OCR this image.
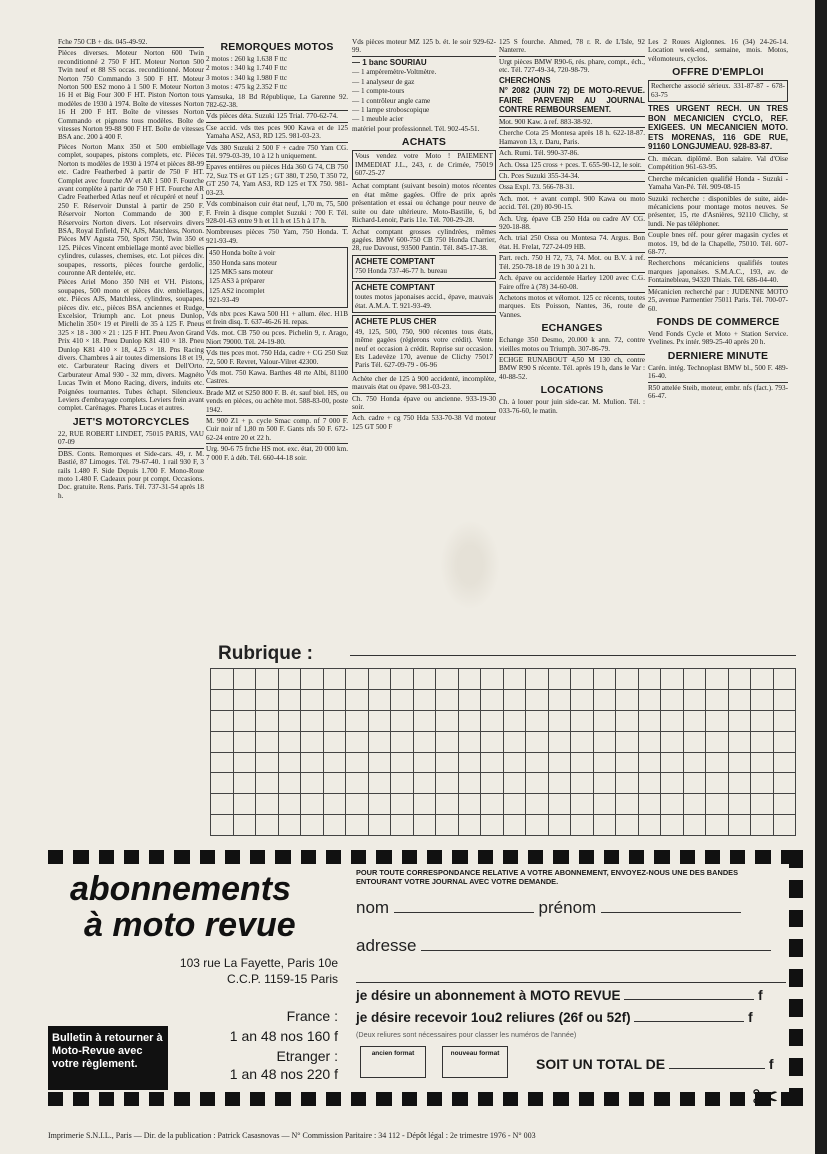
Fche 750 CB + dis. 045-49-92.

Pièces diverses. Moteur Norton 600 Twin reconditionné 2 750 F HT. Moteur Norton 500 Twin neuf et 88 SS occas. reconditionné. Moteur Norton 750 Commando 3 500 F HT. Moteur Norton 500 ES2 mono à 1 500 F. Moteur Norton 16 H et Big Four 300 F HT. Piston Norton tous modèles de 1930 à 1974. Boîte de vitesses Norton 16 H 200 F HT. Boîte de vitesses Norton Commando et pignons tous modèles. Boîte de vitesses Norton 99-88 900 F HT. Boîte de vitesses BSA anc. 200 à 400 F.

Pièces Norton Manx 350 et 500 embiellage complet, soupapes, pistons complets, etc. Pièces Norton ts modèles de 1930 à 1974 et pièces 88-99 etc. Cadre Featherbed à partir de 750 F HT. Complet avec fourche AV et AR 1 500 F. Fourche avant complète à partir de 750 F HT. Fourche AR Cadre Featherbed Atlas neuf et récupéré et neuf 1 250 F. Réservoir Dunstal à partir de 250 F. Réservoir Norton Commando de 300 F. Réservoirs Norton divers. Lot réservoirs divers BSA, Royal Enfield, FN, AJS, Matchless, Norton. Pièces MV Agusta 750, Sport 750, Twin 350 et 125. Pièces Vincent embiellage monté avec bielles cylindres, culasses, chemises, etc. Lot pièces div. soupapes, ressorts, pièces fourche gerdolic, couronne AR dentelée, etc.

Pièces Ariel Mono 350 NH et VH. Pistons, soupapes, 500 mono et pièces div. embiellages, etc. Pièces AJS, Matchless, cylindres, soupapes, pièces div. etc., pièces BSA anciennes et Rudge, Excelsior, Triumph anc. Lot pneus Dunlop, Michelin 350× 19 et Pirelli de 35 à 125 F. Pneus 325 × 18 - 300 × 21 : 125 F HT. Pneu Avon Grand Prix 410 × 18. Pneu Dunlop K81 410 × 18. Pneu Dunlop K81 410 × 18, 4.25 × 18. Pns Racing divers. Chambres à air toutes dimensions 18 et 19, etc. Carburateur Racing divers et Dell'Orto. Carburateur Amal 930 - 32 mm, divers. Magnéto Lucas Twin et Mono Racing, divers, induits etc. Poignées tournantes. Tubes échapt. Silencieux. Leviers d'embrayage complets. Leviers frein avant complet. Carénages. Phares Lucas et autres.

JET'S MOTORCYCLES

22, RUE ROBERT LINDET, 75015 PARIS, VAU 07-09

DBS. Conts. Remorques et Side-cars. 49, r. M. Bastié, 87 Limoges. Tél. 79-67-40. 1 rail 930 F, 3 rails 1.480 F. Side Depuis 1.700 F. Mono-Roue moto 1.480 F. Cadeaux pour pt compt. Occasions. Doc. gratuite. Rens. Paris. Tél. 737-31-54 après 18 h.

REMORQUES MOTOS

2 motos : 260 kg 1.638 F ttc

2 motos : 340 kg 1.740 F ttc

3 motos : 340 kg 1.980 F ttc

3 motos : 475 kg 2.352 F ttc

Yamsuka, 18 Bd République, La Garenne 92. 782-62-38.

Vds pièces déta. Suzuki 125 Trial. 770-62-74.

Cse accid. vds ttes pces 900 Kawa et de 125 Yamaha AS2, AS3, RD 125. 981-03-23.

Vds 380 Suzuki 2 500 F + cadre 750 Yam CG. Tél. 979-03-39, 10 à 12 h uniquement.

Epaves entières ou pièces Hda 360 G 74, CB 750 72, Suz TS et GT 125 ; GT 380, T 250, T 350 72, GT 250 74, Yam AS3, RD 125 et TX 750. 981-03-23.

Vds combinaison cuir état neuf, 1,70 m, 75, 500 F. Frein à disque complet Suzuki : 700 F. Tél. 928-01-63 entre 9 h et 11 h et 15 h à 17 h.

Nombreuses pièces 750 Yam, 750 Honda. T. 921-93-49.

450 Honda boîte à voir

350 Honda sans moteur

125 MK5 sans moteur

125 AS3 à préparer

125 AS2 incomplet

921-93-49

Vds nbx pces Kawa 500 H1 + allum. élec. H1B et frein disq. T. 637-46-26 H. repas.

Vds. mot. CB 750 ou pces. Pichelin 9, r. Arago, Niort 79000. Tél. 24-19-80.

Vds ttes pces mot. 750 Hda, cadre + CG 250 Suz 72, 500 F. Revret, Valour-Vilret 42300.

Vds mot. 750 Kawa. Barthes 48 rte Albi, 81100 Castres.

Brade MZ et S250 800 F. B. ét. sauf biel. HS, ou vends en pièces, ou achète mot. 588-83-00, poste 1942.

M. 900 Z1 + p. cycle Smac comp. nf 7 000 F. Cuir noir nf 1,80 m 500 F. Gants nfs 50 F. 672-62-24 entre 20 et 22 h.

Urg. 90-6 75 frche HS mot. exc. état, 20 000 km. 7 000 F. à déb. Tél. 660-44-18 soir.

Vds pièces moteur MZ 125 b. ét. le soir 929-62-99.

— 1 banc SOURIAU

— 1 ampèremètre-Voltmètre.

— 1 analyseur de gaz

— 1 compte-tours

— 1 contrôleur angle came

— 1 lampe stroboscopique

— 1 meuble acier

matériel pour professionnel. Tél. 902-45-51.

ACHATS

Vous vendez votre Moto ! PAIEMENT IMMEDIAT J.L., 243, r. de Crimée, 75019 607-25-27

Achat comptant (suivant besoin) motos récentes en état même gagées. Offre de prix après présentation et essai ou échange pour neuve de suite ou date ultérieure. Moto-Bastille, 6, bd Richard-Lenoir, Paris 11e. Tél. 700-29-28.

Achat comptant grosses cylindrées, mêmes gagées. BMW 600-750 CB 750 Honda Charrier, 28, rue Davoust, 93500 Pantin. Tél. 845-17-38.

ACHETE COMPTANT

750 Honda 737-46-77 h. bureau

ACHETE COMPTANT

toutes motos japonaises accid., épave, mauvais état. A.M.A. T. 921-93-49.

ACHETE PLUS CHER

49, 125, 500, 750, 900 récentes tous états, même gagées (réglerons votre crédit). Vente neuf et occasion à crédit. Reprise sur occasion. Ets Ladevèze 170, avenue de Clichy 75017 Paris Tél. 627-09-79 - 06-96

Achète cher de 125 à 900 accidenté, incomplète, mauvais état ou épave. 981-03-23.

Ch. 750 Honda épave ou ancienne. 933-19-30 soir.

Ach. cadre + cg 750 Hda 533-70-38 Vd moteur 125 GT 500 F

125 S fourche. Ahmed, 78 r. R. de L'Isle, 92 Nanterre.

Urgt pièces BMW R90-6, rés. phare, compt., éch., etc. Tél. 727-49-34, 720-98-79.

CHERCHONS

N° 2082 (JUIN 72) DE MOTO-REVUE. FAIRE PARVENIR AU JOURNAL CONTRE REMBOURSEMENT.

Mot. 900 Kaw. à ref. 883-38-92.

Cherche Cota 25 Montesa après 18 h. 622-18-87. Hamavon 13, r. Daru, Paris.

Ach. Rumi. Tél. 990-37-86.

Ach. Ossa 125 cross + pces. T. 655-90-12, le soir.

Ch. Pces Suzuki 355-34-34.

Ossa Expl. 73. 566-78-31.

Ach. mot. + avant compl. 900 Kawa ou moto accid. Tél. (20) 80-90-15.

Ach. Urg. épave CB 250 Hda ou cadre AV CG. 920-18-88.

Ach. trial 250 Ossa ou Montesa 74. Argus. Bon état. H. Frelat, 727-24-09 HB.

Part. rech. 750 H 72, 73, 74. Mot. ou B.V. à ref. Tél. 250-78-18 de 19 h 30 à 21 h.

Ach. épave ou accidentée Harley 1200 avec C.G. Faire offre à (78) 34-60-08.

Achetons motos et vélomot. 125 cc récents, toutes marques. Ets Poisson, Nantes, 36, route de Vannes.

ECHANGES

Echange 350 Desmo, 20.000 k ann. 72, contre vieilles motos ou Triumph. 307-86-79.

ECHGE RUNABOUT 4,50 M 130 ch, contre BMW R90 S récente. Tél. après 19 h, dans le Var : 40-88-52.

LOCATIONS

Ch. à louer pour juin side-car. M. Mulion. Tél. : 033-76-60, le matin.

Les 2 Roues Aiglonnes. 16 (34) 24-26-14. Location week-end, semaine, mois. Motos, vélomoteurs, cyclos.

OFFRE D'EMPLOI

Recherche associé sérieux. 331-87-87 - 678-63-75

TRES URGENT RECH. UN TRES BON MECANICIEN CYCLO, REF. EXIGEES. UN MECANICIEN MOTO. ETS MORENAS, 116 GDE RUE, 91160 LONGJUMEAU. 928-83-87.

Ch. mécan. diplômé. Bon salaire. Val d'Oise Compétition 961-63-95.

Cherche mécanicien qualifié Honda - Suzuki - Yamaha Van-Pé. Tél. 909-08-15

Suzuki recherche : disponibles de suite, aide-mécaniciens pour montage motos neuves. Se présenter, 15, rte d'Asnières, 92110 Clichy, st lundi. Ne pas téléphoner.

Couple bnes réf. pour gérer magasin cycles et motos. 19, bd de la Chapelle, 75010. Tél. 607-68-77.

Recherchons mécaniciens qualifiés toutes marques japonaises. S.M.A.C., 193, av. de Fontainebleau, 94320 Thiais. Tél. 686-04-40.

Mécanicien recherché par : JUDENNE MOTO 25, avenue Parmentier 75011 Paris. Tél. 700-07-60.

FONDS DE COMMERCE

Vend Fonds Cycle et Moto + Station Service. Yvelines. Px intér. 989-25-40 après 20 h.

DERNIERE MINUTE

Carén. intég. Technoplast BMW bl., 500 F. 489-16-40.

R50 attelée Steib, moteur, embr. nfs (fact.). 793-66-47.

Rubrique :
abonnements
à moto revue
103 rue La Fayette, Paris 10e
C.C.P. 1159-15 Paris
France :
1 an 48 nos 160 f
Etranger :
1 an 48 nos 220 f
Bulletin à retourner à Moto-Revue avec votre règlement.
POUR TOUTE CORRESPONDANCE RELATIVE A VOTRE ABONNEMENT, ENVOYEZ-NOUS UNE DES BANDES ENTOURANT VOTRE JOURNAL AVEC VOTRE DEMANDE.
nom	prénom
adresse
je désire un abonnement à MOTO REVUE	f
je désire recevoir 1ou2 reliures (26f ou 52f)	f
(Deux reliures sont nécessaires pour classer les numéros de l'année)
ancien format	nouveau format
SOIT UN TOTAL DE	f
✂
Imprimerie S.N.I.L., Paris — Dir. de la publication : Patrick Casasnovas — N° Commission Paritaire : 34 112 - Dépôt légal : 2e trimestre 1976 - N° 003
